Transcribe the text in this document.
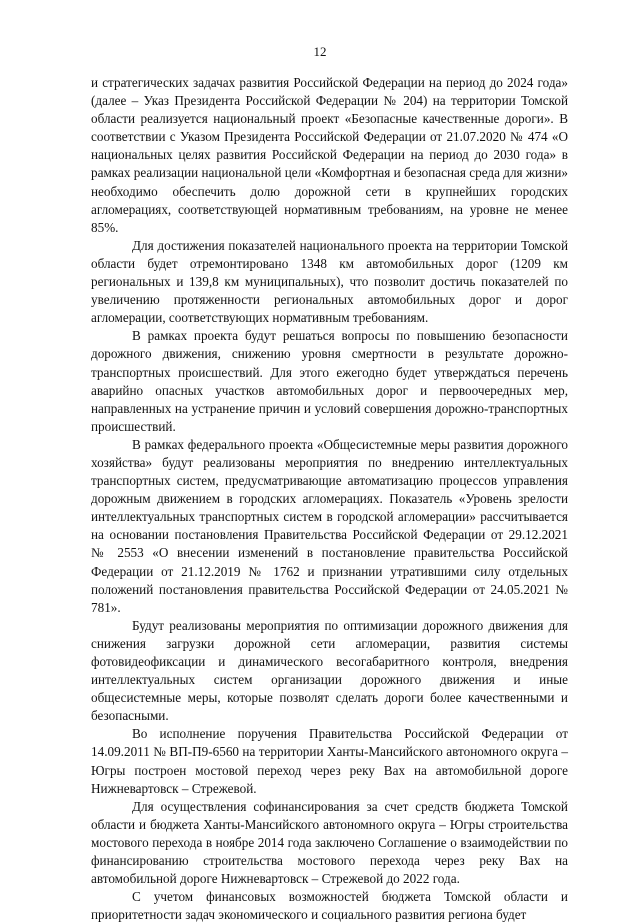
12

и стратегических задачах развития Российской Федерации на период до 2024 года» (далее – Указ Президента Российской Федерации № 204) на территории Томской области реализуется национальный проект «Безопасные качественные дороги». В соответствии с Указом Президента Российской Федерации от 21.07.2020 № 474 «О национальных целях развития Российской Федерации на период до 2030 года» в рамках реализации национальной цели «Комфортная и безопасная среда для жизни» необходимо обеспечить долю дорожной сети в крупнейших городских агломерациях, соответствующей нормативным требованиям, на уровне не менее 85%.

Для достижения показателей национального проекта на территории Томской области будет отремонтировано 1348 км автомобильных дорог (1209 км региональных и 139,8 км муниципальных), что позволит достичь показателей по увеличению протяженности региональных автомобильных дорог и дорог агломерации, соответствующих нормативным требованиям.

В рамках проекта будут решаться вопросы по повышению безопасности дорожного движения, снижению уровня смертности в результате дорожно-транспортных происшествий. Для этого ежегодно будет утверждаться перечень аварийно опасных участков автомобильных дорог и первоочередных мер, направленных на устранение причин и условий совершения дорожно-транспортных происшествий.

В рамках федерального проекта «Общесистемные меры развития дорожного хозяйства» будут реализованы мероприятия по внедрению интеллектуальных транспортных систем, предусматривающие автоматизацию процессов управления дорожным движением в городских агломерациях. Показатель «Уровень зрелости интеллектуальных транспортных систем в городской агломерации» рассчитывается на основании постановления Правительства Российской Федерации от 29.12.2021 № 2553 «О внесении изменений в постановление правительства Российской Федерации от 21.12.2019 № 1762 и признании утратившими силу отдельных положений постановления правительства Российской Федерации от 24.05.2021 № 781».

Будут реализованы мероприятия по оптимизации дорожного движения для снижения загрузки дорожной сети агломерации, развития системы фотовидеофиксации и динамического весогабаритного контроля, внедрения интеллектуальных систем организации дорожного движения и иные общесистемные меры, которые позволят сделать дороги более качественными и безопасными.

Во исполнение поручения Правительства Российской Федерации от 14.09.2011 № ВП-П9-6560 на территории Ханты-Мансийского автономного округа – Югры построен мостовой переход через реку Вах на автомобильной дороге Нижневартовск – Стрежевой.

Для осуществления софинансирования за счет средств бюджета Томской области и бюджета Ханты-Мансийского автономного округа – Югры строительства мостового перехода в ноябре 2014 года заключено Соглашение о взаимодействии по финансированию строительства мостового перехода через реку Вах на автомобильной дороге Нижневартовск – Стрежевой до 2022 года.

С учетом финансовых возможностей бюджета Томской области и приоритетности задач экономического и социального развития региона будет
